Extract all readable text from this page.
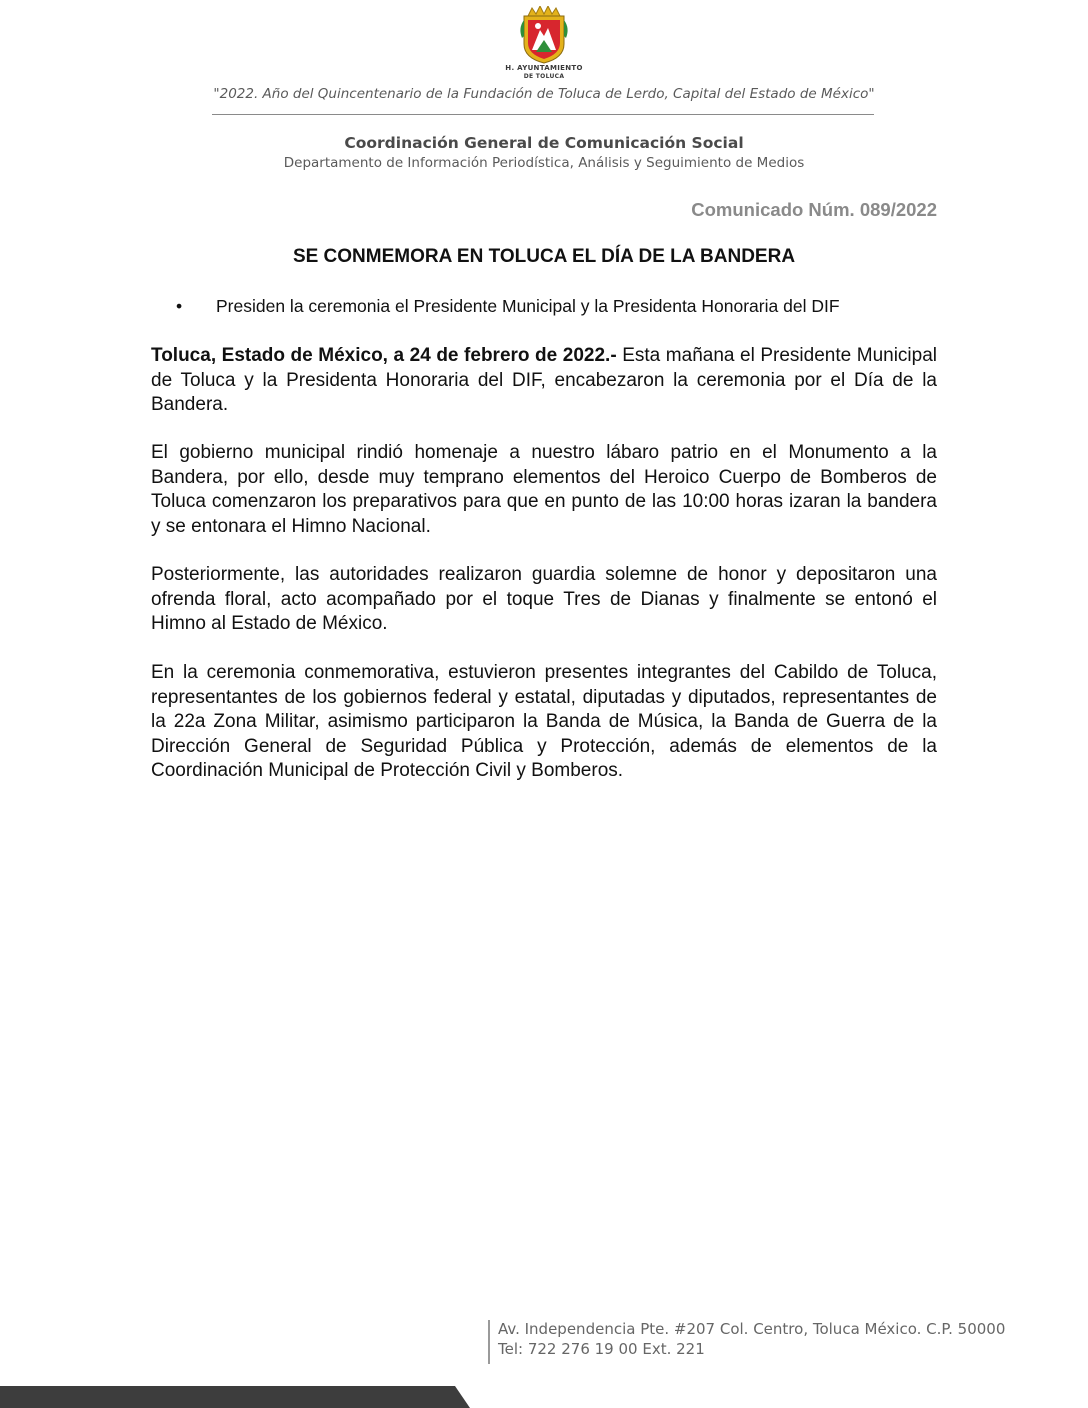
H. AYUNTAMIENTO
DE TOLUCA
"2022. Año del Quincentenario de la Fundación de Toluca de Lerdo, Capital del Estado de México"
Coordinación General de Comunicación Social
Departamento de Información Periodística, Análisis y Seguimiento de Medios
Comunicado Núm. 089/2022
SE CONMEMORA EN TOLUCA EL DÍA DE LA BANDERA
• Presiden la ceremonia el Presidente Municipal y la Presidenta Honoraria del DIF

Toluca, Estado de México, a 24 de febrero de 2022.- Esta mañana el Presidente Municipal de Toluca y la Presidenta Honoraria del DIF, encabezaron la ceremonia por el Día de la Bandera.

El gobierno municipal rindió homenaje a nuestro lábaro patrio en el Monumento a la Bandera, por ello, desde muy temprano elementos del Heroico Cuerpo de Bomberos de Toluca comenzaron los preparativos para que en punto de las 10:00 horas izaran la bandera y se entonara el Himno Nacional.

Posteriormente, las autoridades realizaron guardia solemne de honor y depositaron una ofrenda floral, acto acompañado por el toque Tres de Dianas y finalmente se entonó el Himno al Estado de México.

En la ceremonia conmemorativa, estuvieron presentes integrantes del Cabildo de Toluca, representantes de los gobiernos federal y estatal, diputadas y diputados, representantes de la 22a Zona Militar, asimismo participaron la Banda de Música, la Banda de Guerra de la Dirección General de Seguridad Pública y Protección, además de elementos de la Coordinación Municipal de Protección Civil y Bomberos.

Av. Independencia Pte. #207 Col. Centro, Toluca México. C.P. 50000
Tel: 722 276 19 00 Ext. 221
